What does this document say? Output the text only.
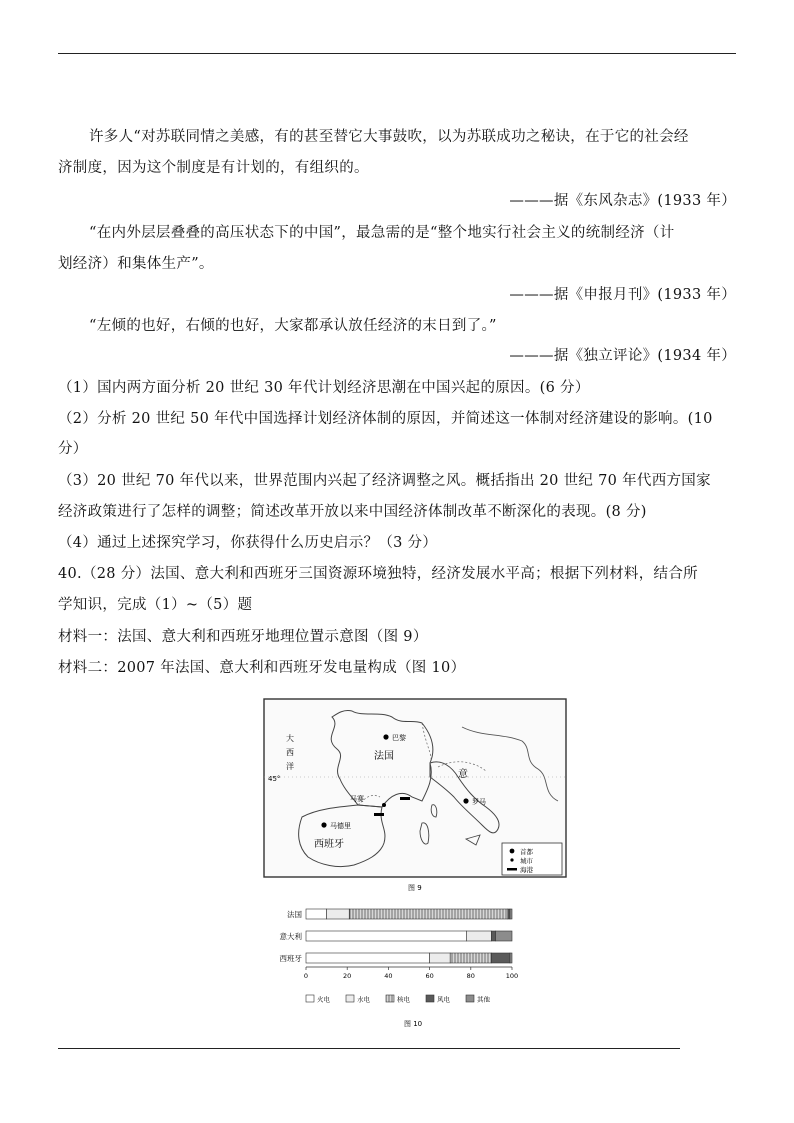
许多人“对苏联同情之美感，有的甚至替它大事鼓吹，以为苏联成功之秘诀，在于它的社会经
济制度，因为这个制度是有计划的，有组织的。
———据《东风杂志》(1933 年）
“在内外层层叠叠的高压状态下的中国”，最急需的是“整个地实行社会主义的统制经济（计
划经济）和集体生产”。
———据《申报月刊》(1933 年）
“左倾的也好，右倾的也好，大家都承认放任经济的末日到了。”
———据《独立评论》(1934 年）
（1）国内两方面分析 20 世纪 30 年代计划经济思潮在中国兴起的原因。(6 分）
（2）分析 20 世纪 50 年代中国选择计划经济体制的原因，并简述这一体制对经济建设的影响。(10
分）
（3）20 世纪 70 年代以来，世界范围内兴起了经济调整之风。概括指出 20 世纪 70 年代西方国家
经济政策进行了怎样的调整；简述改革开放以来中国经济体制改革不断深化的表现。(8 分)
（4）通过上述探究学习，你获得什么历史启示？（3 分）
40.（28 分）法国、意大利和西班牙三国资源环境独特，经济发展水平高；根据下列材料，结合所
学知识，完成（1）~（5）题
材料一：法国、意大利和西班牙地理位置示意图（图 9）
材料二：2007 年法国、意大利和西班牙发电量构成（图 10）
大
西
洋
45°
巴黎
法国
意
西班牙
马德里
马赛	罗马
首都
城市
海港
图 9
法国
意大利
西班牙
0	20	40	60	80	100
火电	水电	核电	风电	其他
图 10
